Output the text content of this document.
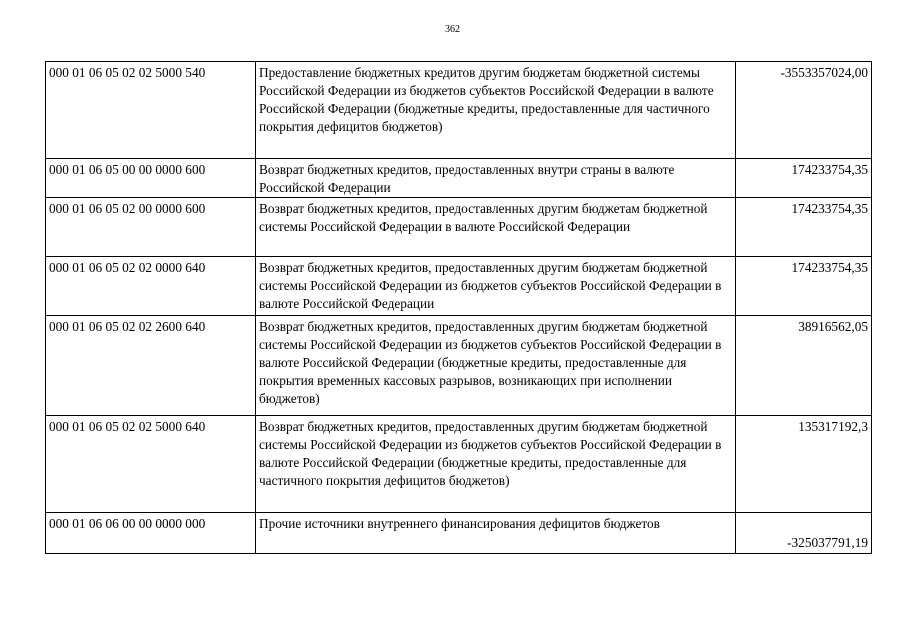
362
000 01 06 05 02 02 5000 540	Предоставление бюджетных кредитов другим бюджетам бюджетной системы Российской Федерации из бюджетов субъектов Российской Федерации в валюте Российской Федерации (бюджетные кредиты, предоставленные для частичного покрытия дефицитов бюджетов)	-3553357024,00
000 01 06 05 00 00 0000 600	Возврат бюджетных кредитов, предоставленных внутри страны в валюте Российской Федерации	174233754,35
000 01 06 05 02 00 0000 600	Возврат бюджетных кредитов, предоставленных другим бюджетам бюджетной системы Российской Федерации в валюте Российской Федерации	174233754,35
000 01 06 05 02 02 0000 640	Возврат бюджетных кредитов, предоставленных другим бюджетам бюджетной системы Российской Федерации из бюджетов субъектов Российской Федерации в валюте Российской Федерации	174233754,35
000 01 06 05 02 02 2600 640	Возврат бюджетных кредитов, предоставленных другим бюджетам бюджетной системы Российской Федерации из бюджетов субъектов Российской Федерации в валюте Российской Федерации (бюджетные кредиты, предоставленные для покрытия временных кассовых разрывов, возникающих при исполнении бюджетов)	38916562,05
000 01 06 05 02 02 5000 640	Возврат бюджетных кредитов, предоставленных другим бюджетам бюджетной системы Российской Федерации из бюджетов субъектов Российской Федерации в валюте Российской Федерации (бюджетные кредиты, предоставленные для частичного покрытия дефицитов бюджетов)	135317192,3
000 01 06 06 00 00 0000 000	Прочие источники внутреннего финансирования дефицитов бюджетов	-325037791,19
